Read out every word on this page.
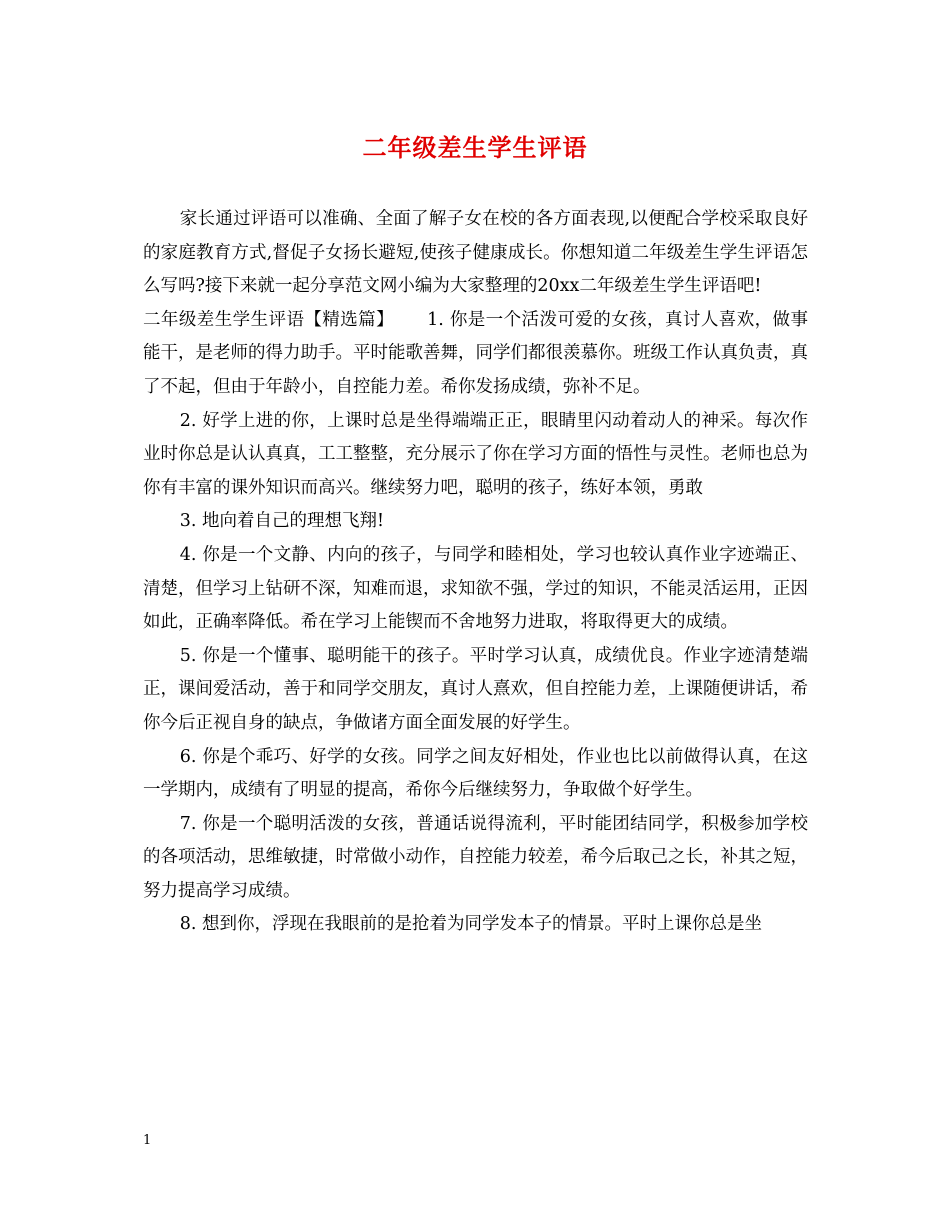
二年级差生学生评语

家长通过评语可以准确、全面了解子女在校的各方面表现,以便配合学校采取良好的家庭教育方式,督促子女扬长避短,使孩子健康成长。你想知道二年级差生学生评语怎么写吗?接下来就一起分享范文网小编为大家整理的20xx二年级差生学生评语吧!

二年级差生学生评语【精选篇】　　 1. 你是一个活泼可爱的女孩，真讨人喜欢，做事能干，是老师的得力助手。平时能歌善舞，同学们都很羡慕你。班级工作认真负责，真了不起，但由于年龄小，自控能力差。希你发扬成绩，弥补不足。

2. 好学上进的你，上课时总是坐得端端正正，眼睛里闪动着动人的神采。每次作业时你总是认认真真，工工整整，充分展示了你在学习方面的悟性与灵性。老师也总为你有丰富的课外知识而高兴。继续努力吧，聪明的孩子，练好本领，勇敢

3. 地向着自己的理想飞翔!

4. 你是一个文静、内向的孩子，与同学和睦相处，学习也较认真作业字迹端正、清楚，但学习上钻研不深，知难而退，求知欲不强，学过的知识，不能灵活运用，正因如此，正确率降低。希在学习上能锲而不舍地努力进取，将取得更大的成绩。

5. 你是一个懂事、聪明能干的孩子。平时学习认真，成绩优良。作业字迹清楚端正，课间爱活动，善于和同学交朋友，真讨人熹欢，但自控能力差，上课随便讲话，希你今后正视自身的缺点，争做诸方面全面发展的好学生。

6. 你是个乖巧、好学的女孩。同学之间友好相处，作业也比以前做得认真，在这一学期内，成绩有了明显的提高，希你今后继续努力，争取做个好学生。

7. 你是一个聪明活泼的女孩，普通话说得流利，平时能团结同学，积极参加学校的各项活动，思维敏捷，时常做小动作，自控能力较差，希今后取己之长，补其之短，努力提高学习成绩。

8. 想到你，浮现在我眼前的是抢着为同学发本子的情景。平时上课你总是坐

1
